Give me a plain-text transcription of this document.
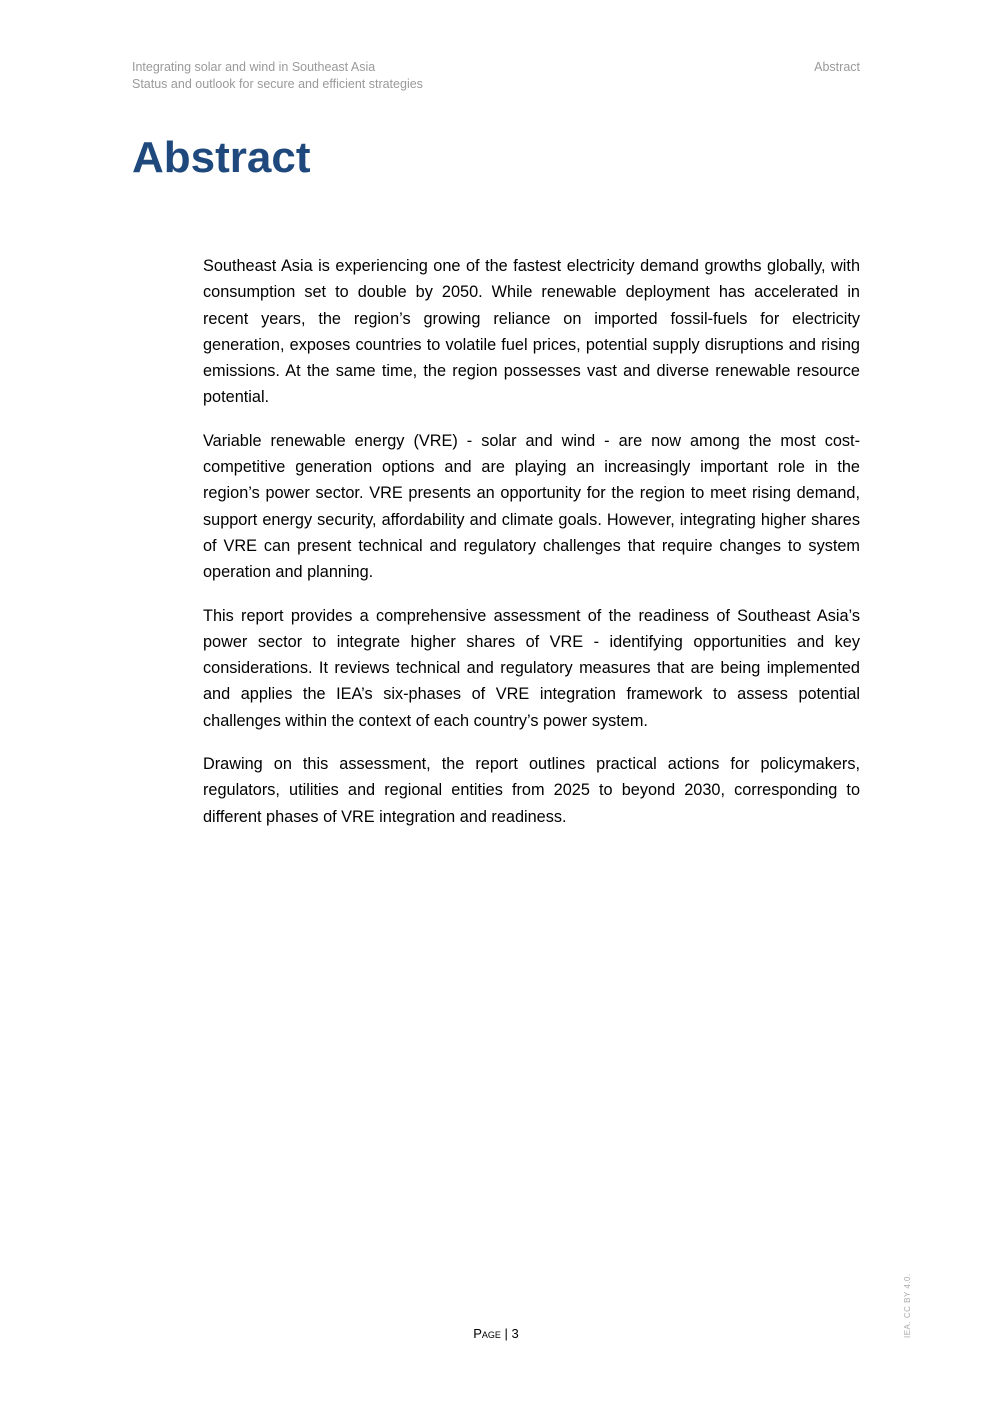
Integrating solar and wind in Southeast Asia
Status and outlook for secure and efficient strategies
Abstract
Abstract

Southeast Asia is experiencing one of the fastest electricity demand growths globally, with consumption set to double by 2050. While renewable deployment has accelerated in recent years, the region’s growing reliance on imported fossil-fuels for electricity generation, exposes countries to volatile fuel prices, potential supply disruptions and rising emissions. At the same time, the region possesses vast and diverse renewable resource potential.

Variable renewable energy (VRE) - solar and wind - are now among the most cost-competitive generation options and are playing an increasingly important role in the region’s power sector. VRE presents an opportunity for the region to meet rising demand, support energy security, affordability and climate goals. However, integrating higher shares of VRE can present technical and regulatory challenges that require changes to system operation and planning.

This report provides a comprehensive assessment of the readiness of Southeast Asia’s power sector to integrate higher shares of VRE - identifying opportunities and key considerations. It reviews technical and regulatory measures that are being implemented and applies the IEA’s six-phases of VRE integration framework to assess potential challenges within the context of each country’s power system.

Drawing on this assessment, the report outlines practical actions for policymakers, regulators, utilities and regional entities from 2025 to beyond 2030, corresponding to different phases of VRE integration and readiness.

Page | 3	IEA. CC BY 4.0.
